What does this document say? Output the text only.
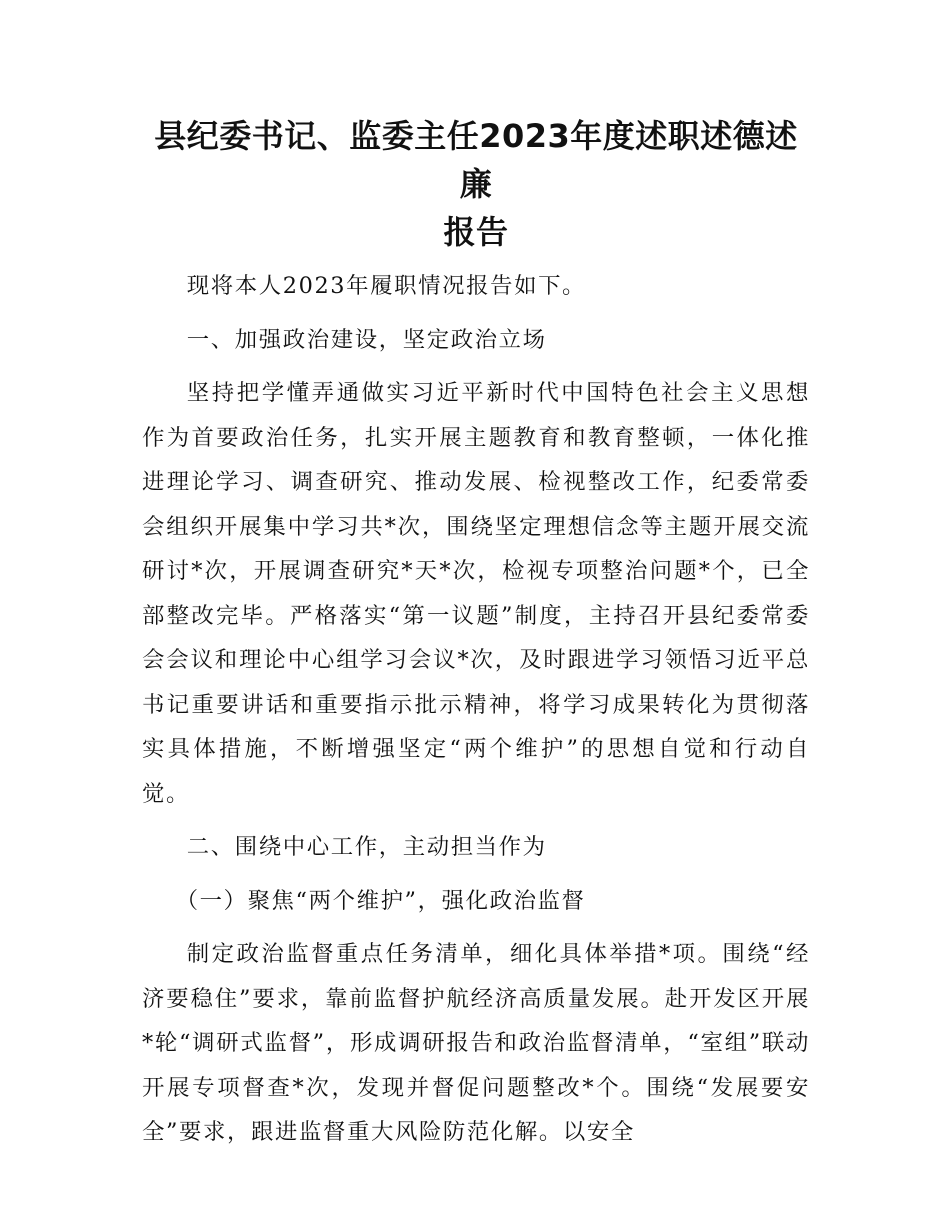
县纪委书记、监委主任2023年度述职述德述廉
报告

现将本人2023年履职情况报告如下。

一、加强政治建设，坚定政治立场

坚持把学懂弄通做实习近平新时代中国特色社会主义思想作为首要政治任务，扎实开展主题教育和教育整顿，一体化推进理论学习、调查研究、推动发展、检视整改工作，纪委常委会组织开展集中学习共*次，围绕坚定理想信念等主题开展交流研讨*次，开展调查研究*天*次，检视专项整治问题*个，已全部整改完毕。严格落实“第一议题”制度，主持召开县纪委常委会会议和理论中心组学习会议*次，及时跟进学习领悟习近平总书记重要讲话和重要指示批示精神，将学习成果转化为贯彻落实具体措施，不断增强坚定“两个维护”的思想自觉和行动自觉。

二、围绕中心工作，主动担当作为

（一）聚焦“两个维护”，强化政治监督

制定政治监督重点任务清单，细化具体举措*项。围绕“经济要稳住”要求，靠前监督护航经济高质量发展。赴开发区开展*轮“调研式监督”，形成调研报告和政治监督清单，“室组”联动开展专项督查*次，发现并督促问题整改*个。围绕“发展要安全”要求，跟进监督重大风险防范化解。以安全
